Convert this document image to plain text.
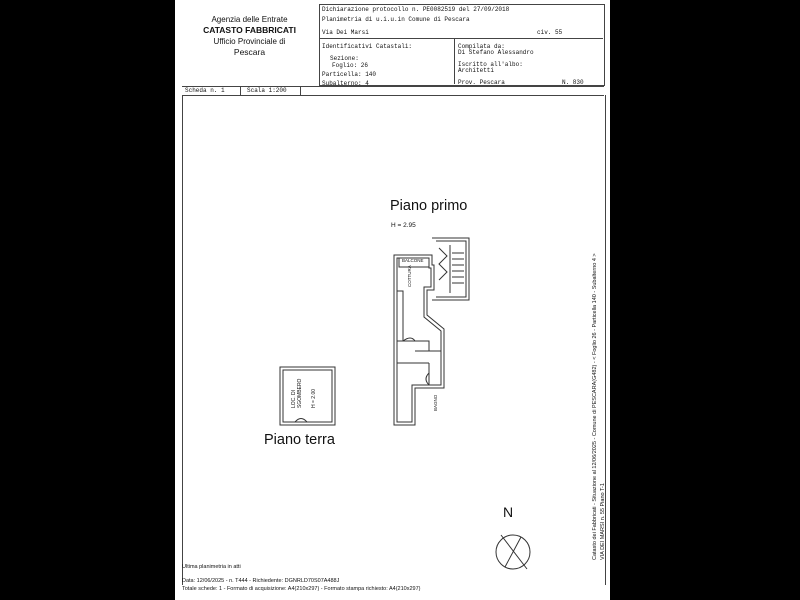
Agenzia delle Entrate
CATASTO FABBRICATI
Ufficio Provinciale di
Pescara
Dichiarazione protocollo n. PE0082519 del 27/09/2018
Planimetria di u.i.u.in Comune di Pescara
Via Dei Marsi	civ. 55
Identificativi Catastali:
Sezione:
Foglio: 26
Particella: 140
Subalterno: 4
Compilata da:
Di Stefano Alessandro
Iscritto all'albo:
Architetti
Prov. Pescara	N. 830
Scheda n. 1	Scala 1:200
Piano primo
H = 2.95
BALCONE
COTTURA
BAGNO
LOC. DI SGOMBERO H = 2.00
Piano terra
N	Catasto dei Fabbricati - Situazione al 12/06/2025 - Comune di PESCARA(G482) - < Foglio 26 - Particella 140 - Subalterno 4 > VIA DEI MARSI n. 55 Piano T-1
Ultima planimetria in atti
Data: 12/06/2025 - n. T444 - Richiedente: DGNRLD70S07A488J
Totale schede: 1 - Formato di acquisizione: A4(210x297) - Formato stampa richiesto: A4(210x297)
